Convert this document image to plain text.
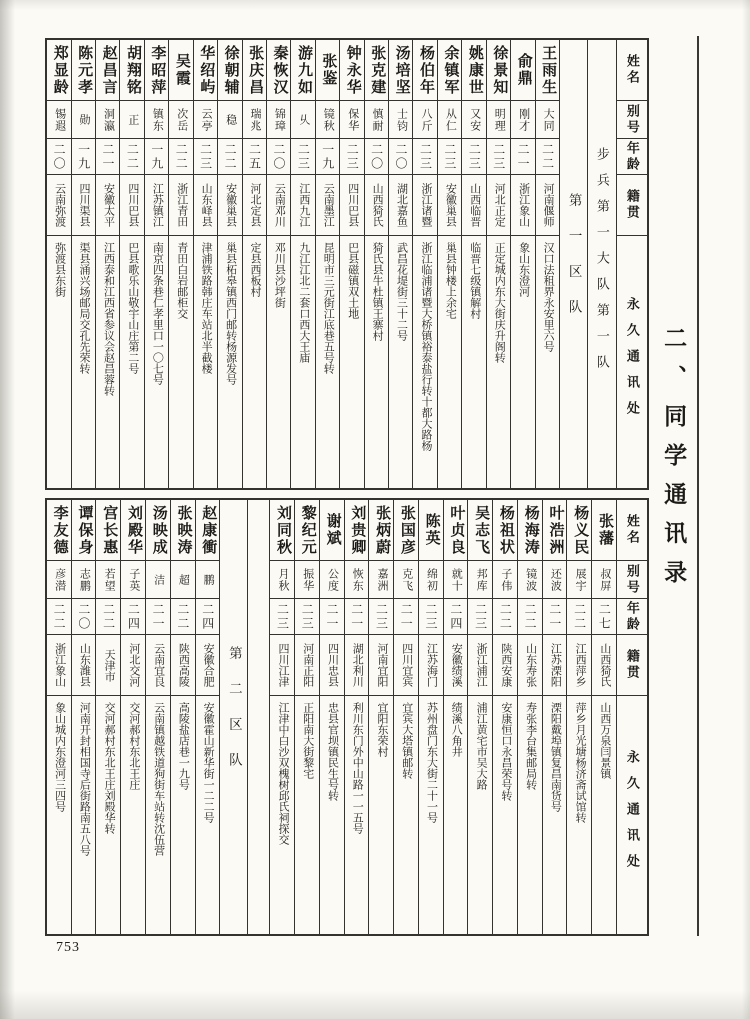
二、同学通讯录
姓名
别号
年龄
籍贯
永久通讯处
步兵第一大队第一队
第一区队
王雨生
大同
二二
河南偃师
汉口法租界永安里六号
俞鼎
刚才
二一
浙江象山
象山东澄河
徐景知
明理
二三
河北正定
正定城内东大街庆升阁转
姚康世
又安
二三
山西临晋
临晋七级镇解村
余镇军
从仁
二三
安徽巢县
巢县钟楼上余宅
杨伯年
八斤
二三
浙江诸暨
浙江临浦诸暨大桥镇裕泰盐行转十都大路杨
汤培坚
士钧
二〇
湖北嘉鱼
武昌花堤街三十二号
张克建
慎耐
二〇
山西猗氏
猗氏县牛杜镇王寨村
钟永华
保华
二三
四川巴县
巴县磁镇双土地
张鉴
镜秋
一九
云南墨江
昆明市三元街江底巷五号转
游九如
乆
二三
江西九江
九江江北二套口西大王庙
秦恢汉
锦璋
二〇
云南邓川
邓川县沙坪街
张庆昌
瑞兆
二五
河北定县
定县西板村
徐朝辅
稳
二二
安徽巢县
巢县柘皋镇西门邮转杨源发号
华绍屿
云亭
二三
山东峄县
津浦铁路韩庄车站北半截楼
吴霞
次岳
二二
浙江青田
青田白岩邮柜交
李昭萍
镇东
一九
江苏镇江
南京四条巷仁孝里口一〇七号
胡翔铭
正
二二
四川巴县
巴县歌乐山敬宇山庄第二号
赵昌言
洞瀛
二一
安徽太平
江西泰和江西省参议会赵昌蓉转
陈元孝
勋
一九
四川渠县
渠县涌兴场邮局交孔先荣转
郑显龄
锡遐
二〇
云南弥渡
弥渡县东街
姓名
别号
年龄
籍贯
永久通讯处
张藩
叔屏
二七
山西猗氏
山西万泉闫景镇
杨义民
展宇
二二
江西萍乡
萍乡月光塘杨济斋试馆转
叶浩洲
还波
二一
江苏溧阳
溧阳戴埠镇复昌南货号
杨海涛
镜波
二二
山东寿张
寿张李台集邮局转
杨祖状
子伟
二二
陕西安康
安康恒口永昌荣号转
吴志飞
邦库
二三
浙江浦江
浦江黄宅市吴大路
叶贞良
就十
二四
安徽绩溪
绩溪八角井
陈英
绵初
二三
江苏海门
苏州盘门东大街二十一号
张国彦
克飞
二一
四川宜宾
宜宾大塔镇邮转
张炳蔚
嘉洲
二三
河南宜阳
宜阳东荣村
刘贵卿
恢东
二一
湖北利川
利川东门外中山路一一五号
谢斌
公度
二一
四川忠县
忠县官坝镇民生号转
黎纪元
振华
二三
河南正阳
正阳南大街黎宅
刘同秋
月秋
二三
四川江津
江津中白沙双槐树邱氏祠探交
第二区队
赵康衝
鹏
二四
安徽合肥
安徽霍山新华街一二二号
张映涛
超
二二
陕西高陵
高陵盐店巷一九号
汤映成
洁
二一
云南宜良
云南镇越铁道狗街车站转沈伍营
刘殿华
子英
二四
河北交河
交河郝村东北王庄
宫长惠
若望
二二
天津市
交河郝村东北王庄刘殿华转
谭保身
志鹏
二〇
山东潍县
河南开封相国寺后街路南五八号
李友德
彦潜
二二
浙江象山
象山城内东澄河三四号
753
